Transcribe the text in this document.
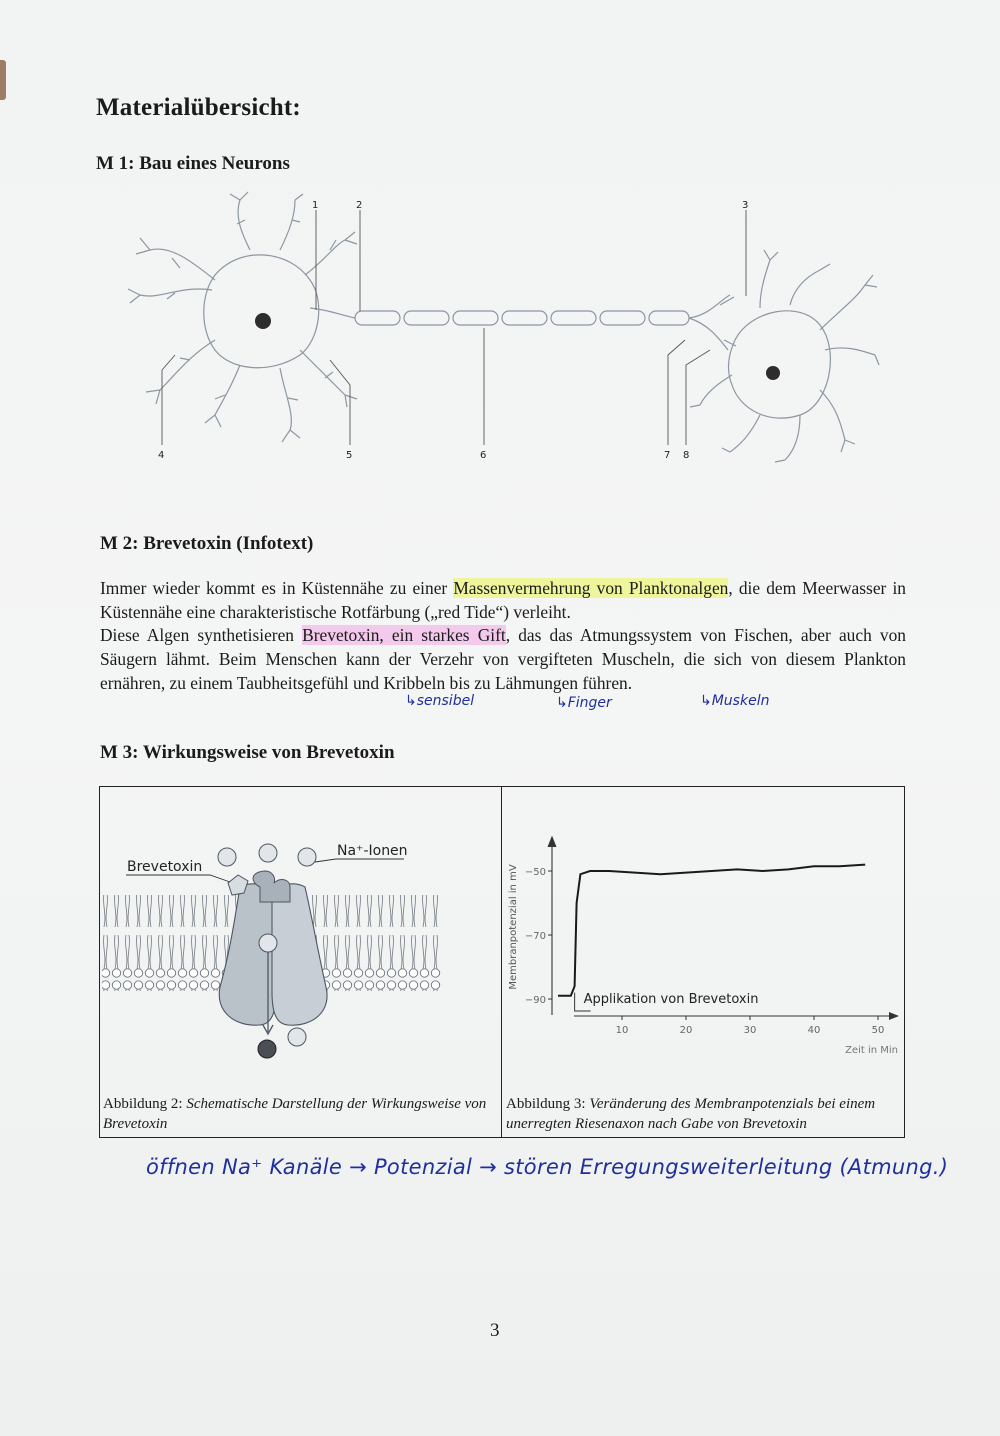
Materialübersicht:
M 1: Bau eines Neurons
1	2	3
4	5	6	7 8
M 2: Brevetoxin (Infotext)

Immer wieder kommt es in Küstennähe zu einer Massenvermehrung von Planktonalgen, die dem Meerwasser in Küstennähe eine charakteristische Rotfärbung („red Tide“) verleiht.

Diese Algen synthetisieren Brevetoxin, ein starkes Gift, das das Atmungssystem von Fischen, aber auch von Säugern lähmt. Beim Menschen kann der Verzehr von vergifteten Muscheln, die sich von diesem Plankton ernähren, zu einem Taubheitsgefühl und Kribbeln bis zu Lähmungen führen.

↳sensibel	↳Finger	↳Muskeln
M 3: Wirkungsweise von Brevetoxin
Brevetoxin
Na⁺-Ionen
Abbildung 2: Schematische Darstellung der Wirkungsweise von Brevetoxin
−50
−70
−90
10	20	30	40	50
Applikation von Brevetoxin
Membranpotenzial in mV
Zeit in Min
Abbildung 3: Veränderung des Membranpotenzials bei einem unerregten Riesenaxon nach Gabe von Brevetoxin
öffnen Na⁺ Kanäle → Potenzial → stören Erregungsweiterleitung (Atmung.)
3
